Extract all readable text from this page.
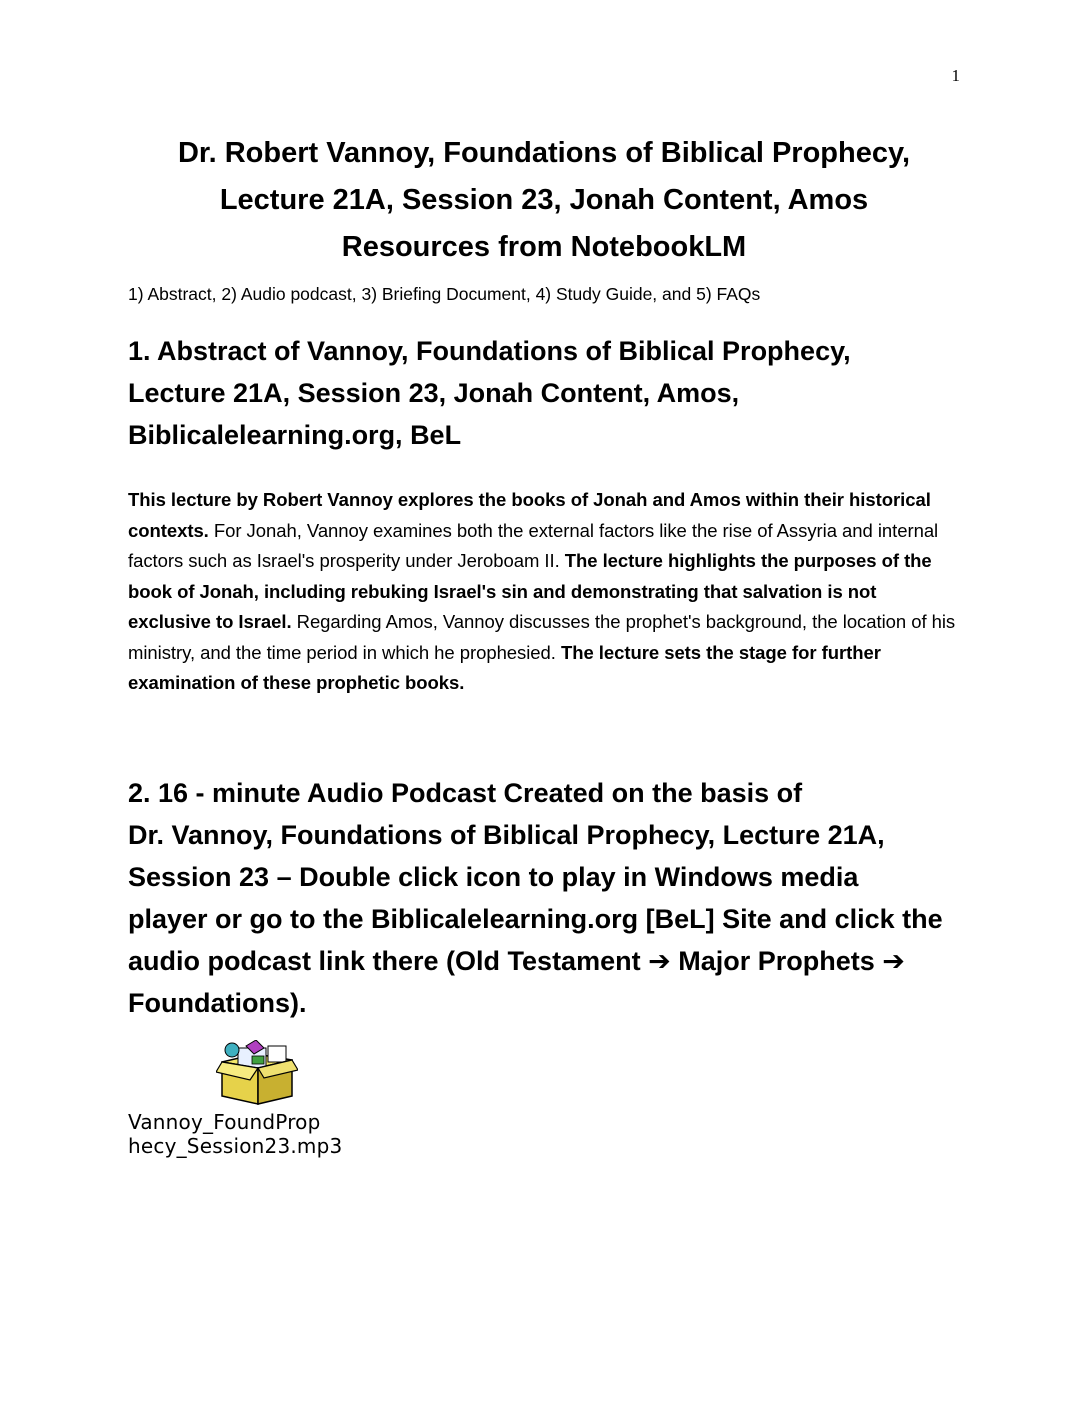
1
Dr. Robert Vannoy, Foundations of Biblical Prophecy,
Lecture 21A, Session 23, Jonah Content, Amos
Resources from NotebookLM

1) Abstract, 2) Audio podcast, 3) Briefing Document, 4) Study Guide, and 5) FAQs

1. Abstract of Vannoy, Foundations of Biblical Prophecy,
Lecture 21A, Session 23, Jonah Content, Amos,
Biblicalelearning.org, BeL

This lecture by Robert Vannoy explores the books of Jonah and Amos within their historical contexts. For Jonah, Vannoy examines both the external factors like the rise of Assyria and internal factors such as Israel's prosperity under Jeroboam II. The lecture highlights the purposes of the book of Jonah, including rebuking Israel's sin and demonstrating that salvation is not exclusive to Israel. Regarding Amos, Vannoy discusses the prophet's background, the location of his ministry, and the time period in which he prophesied. The lecture sets the stage for further examination of these prophetic books.

2. 16 - minute Audio Podcast Created on the basis of
Dr. Vannoy, Foundations of Biblical Prophecy, Lecture 21A,
Session 23 – Double click icon to play in Windows media
player or go to the Biblicalelearning.org [BeL] Site and click the
audio podcast link there (Old Testament ➔ Major Prophets ➔
Foundations).
Vannoy_FoundProp
hecy_Session23.mp3
